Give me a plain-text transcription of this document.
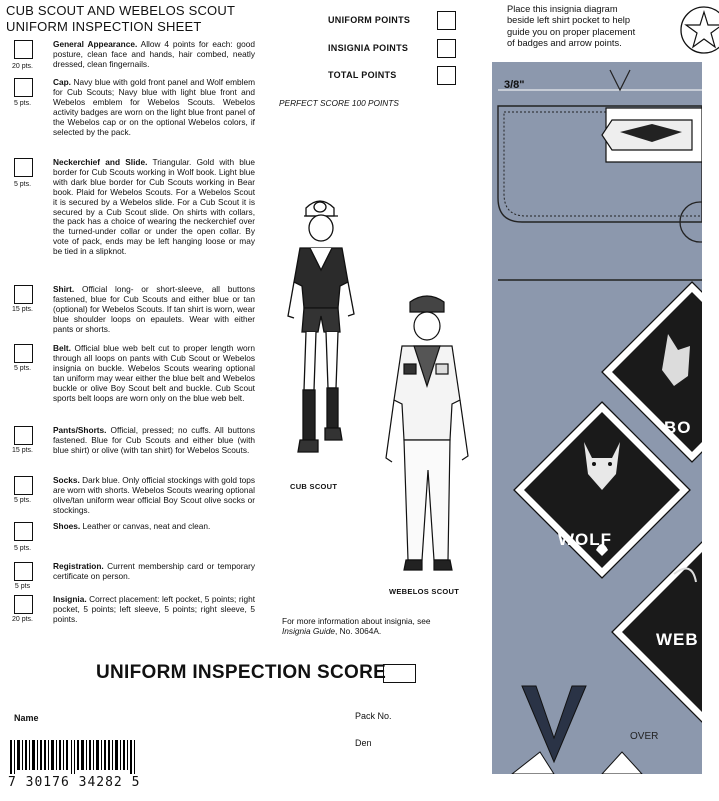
CUB SCOUT AND WEBELOS SCOUT
UNIFORM INSPECTION SHEET
20 pts.
General Appearance. Allow 4 points for each: good posture, clean face and hands, hair combed, neatly dressed, clean fingernails.
5 pts.
Cap. Navy blue with gold front panel and Wolf emblem for Cub Scouts; Navy blue with light blue front and Webelos emblem for Webelos Scouts. Webelos activity badges are worn on the light blue front panel of the Webelos cap or on the optional Webelos colors, if selected by the pack.
5 pts.
Neckerchief and Slide. Triangular. Gold with blue border for Cub Scouts working in Wolf book. Light blue with dark blue border for Cub Scouts working in Bear book. Plaid for Webelos Scouts. For a Webelos Scout it is secured by a Webelos slide. For a Cub Scout it is secured by a Cub Scout slide. On shirts with collars, the pack has a choice of wearing the neckerchief over the turned-under collar or under the open collar. By vote of pack, ends may be left hanging loose or may be tied in a slipknot.
15 pts.
Shirt. Official long- or short-sleeve, all buttons fastened, blue for Cub Scouts and either blue or tan (optional) for Webelos Scouts. If tan shirt is worn, wear blue shoulder loops on epaulets. Wear with either pants or shorts.
5 pts.
Belt. Official blue web belt cut to proper length worn through all loops on pants with Cub Scout or Webelos insignia on buckle. Webelos Scouts wearing optional tan uniform may wear either the blue belt and Webelos buckle or olive Boy Scout belt and buckle. Cub Scout sports belt loops are worn only on the blue web belt.
15 pts.
Pants/Shorts. Official, pressed; no cuffs. All buttons fastened. Blue for Cub Scouts and either blue (with blue shirt) or olive (with tan shirt) for Webelos Scouts.
5 pts.
Socks. Dark blue. Only official stockings with gold tops are worn with shorts. Webelos Scouts wearing optional olive/tan uniform wear official Boy Scout olive socks or stockings.
5 pts.
Shoes. Leather or canvas, neat and clean.
5 pts
Registration. Current membership card or temporary certificate on person.
20 pts.
Insignia. Correct placement: left pocket, 5 points; right pocket, 5 points; left sleeve, 5 points; right sleeve, 5 points.
UNIFORM POINTS
INSIGNIA POINTS
TOTAL POINTS
PERFECT SCORE 100 POINTS
CUB SCOUT
WEBELOS SCOUT
For more information about insignia, see
Insignia Guide, No. 3064A.
UNIFORM INSPECTION SCORE
Name	Pack No.
Den
7 30176 34282 5
Place this insignia diagram
beside left shirt pocket to help
guide you on proper placement
of badges and arrow points.
3/8"
WOLF
BO
WEB
OVER
